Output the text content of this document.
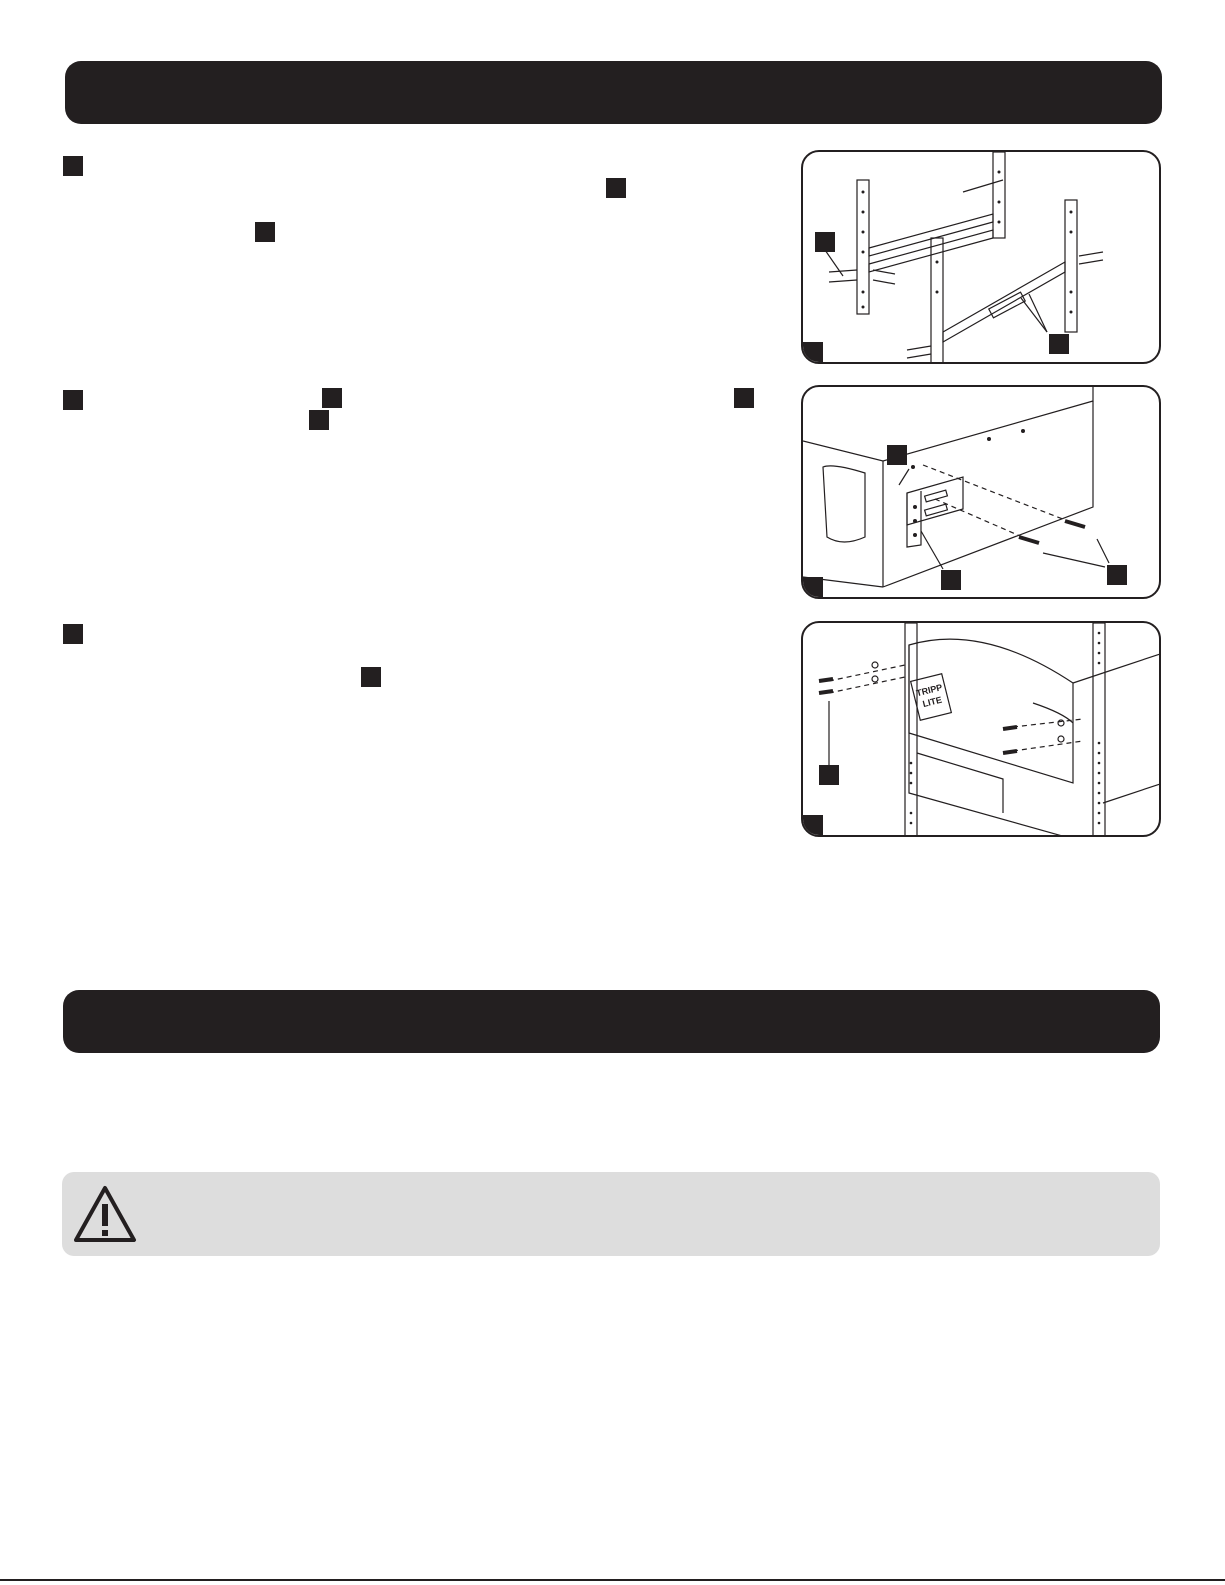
TRIPP
LITE
